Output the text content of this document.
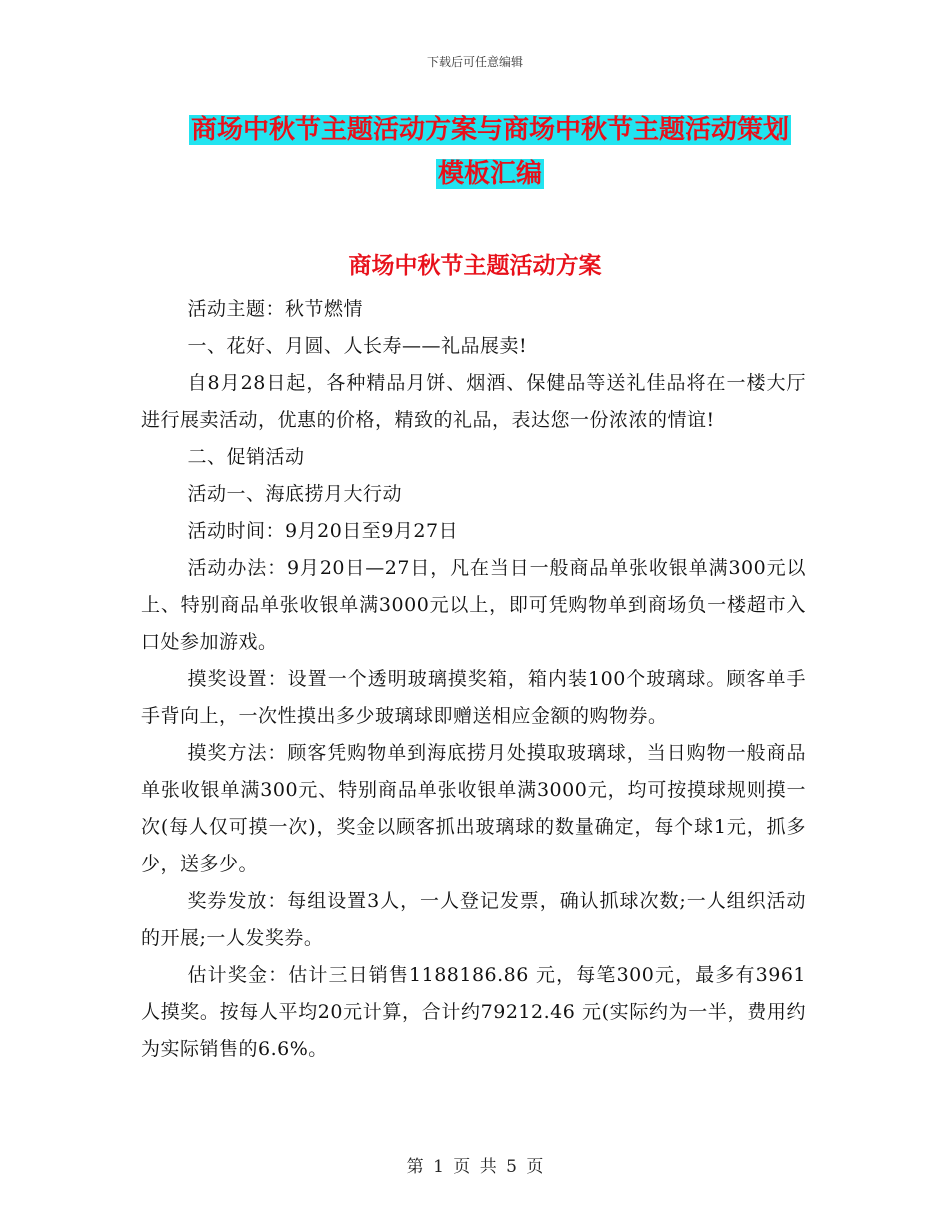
下载后可任意编辑
商场中秋节主题活动方案与商场中秋节主题活动策划
模板汇编
商场中秋节主题活动方案

活动主题：秋节燃情

一、花好、月圆、人长寿——礼品展卖!

自8月28日起，各种精品月饼、烟酒、保健品等送礼佳品将在一楼大厅进行展卖活动，优惠的价格，精致的礼品，表达您一份浓浓的情谊!

二、促销活动

活动一、海底捞月大行动

活动时间：9月20日至9月27日

活动办法：9月20日—27日，凡在当日一般商品单张收银单满300元以上、特别商品单张收银单满3000元以上，即可凭购物单到商场负一楼超市入口处参加游戏。

摸奖设置：设置一个透明玻璃摸奖箱，箱内装100个玻璃球。顾客单手手背向上，一次性摸出多少玻璃球即赠送相应金额的购物券。

摸奖方法：顾客凭购物单到海底捞月处摸取玻璃球，当日购物一般商品单张收银单满300元、特别商品单张收银单满3000元，均可按摸球规则摸一次(每人仅可摸一次)，奖金以顾客抓出玻璃球的数量确定，每个球1元，抓多少，送多少。

奖券发放：每组设置3人，一人登记发票，确认抓球次数;一人组织活动的开展;一人发奖券。

估计奖金：估计三日销售1188186.86 元，每笔300元，最多有3961 人摸奖。按每人平均20元计算，合计约79212.46 元(实际约为一半，费用约为实际销售的6.6%。

第 1 页 共 5 页
